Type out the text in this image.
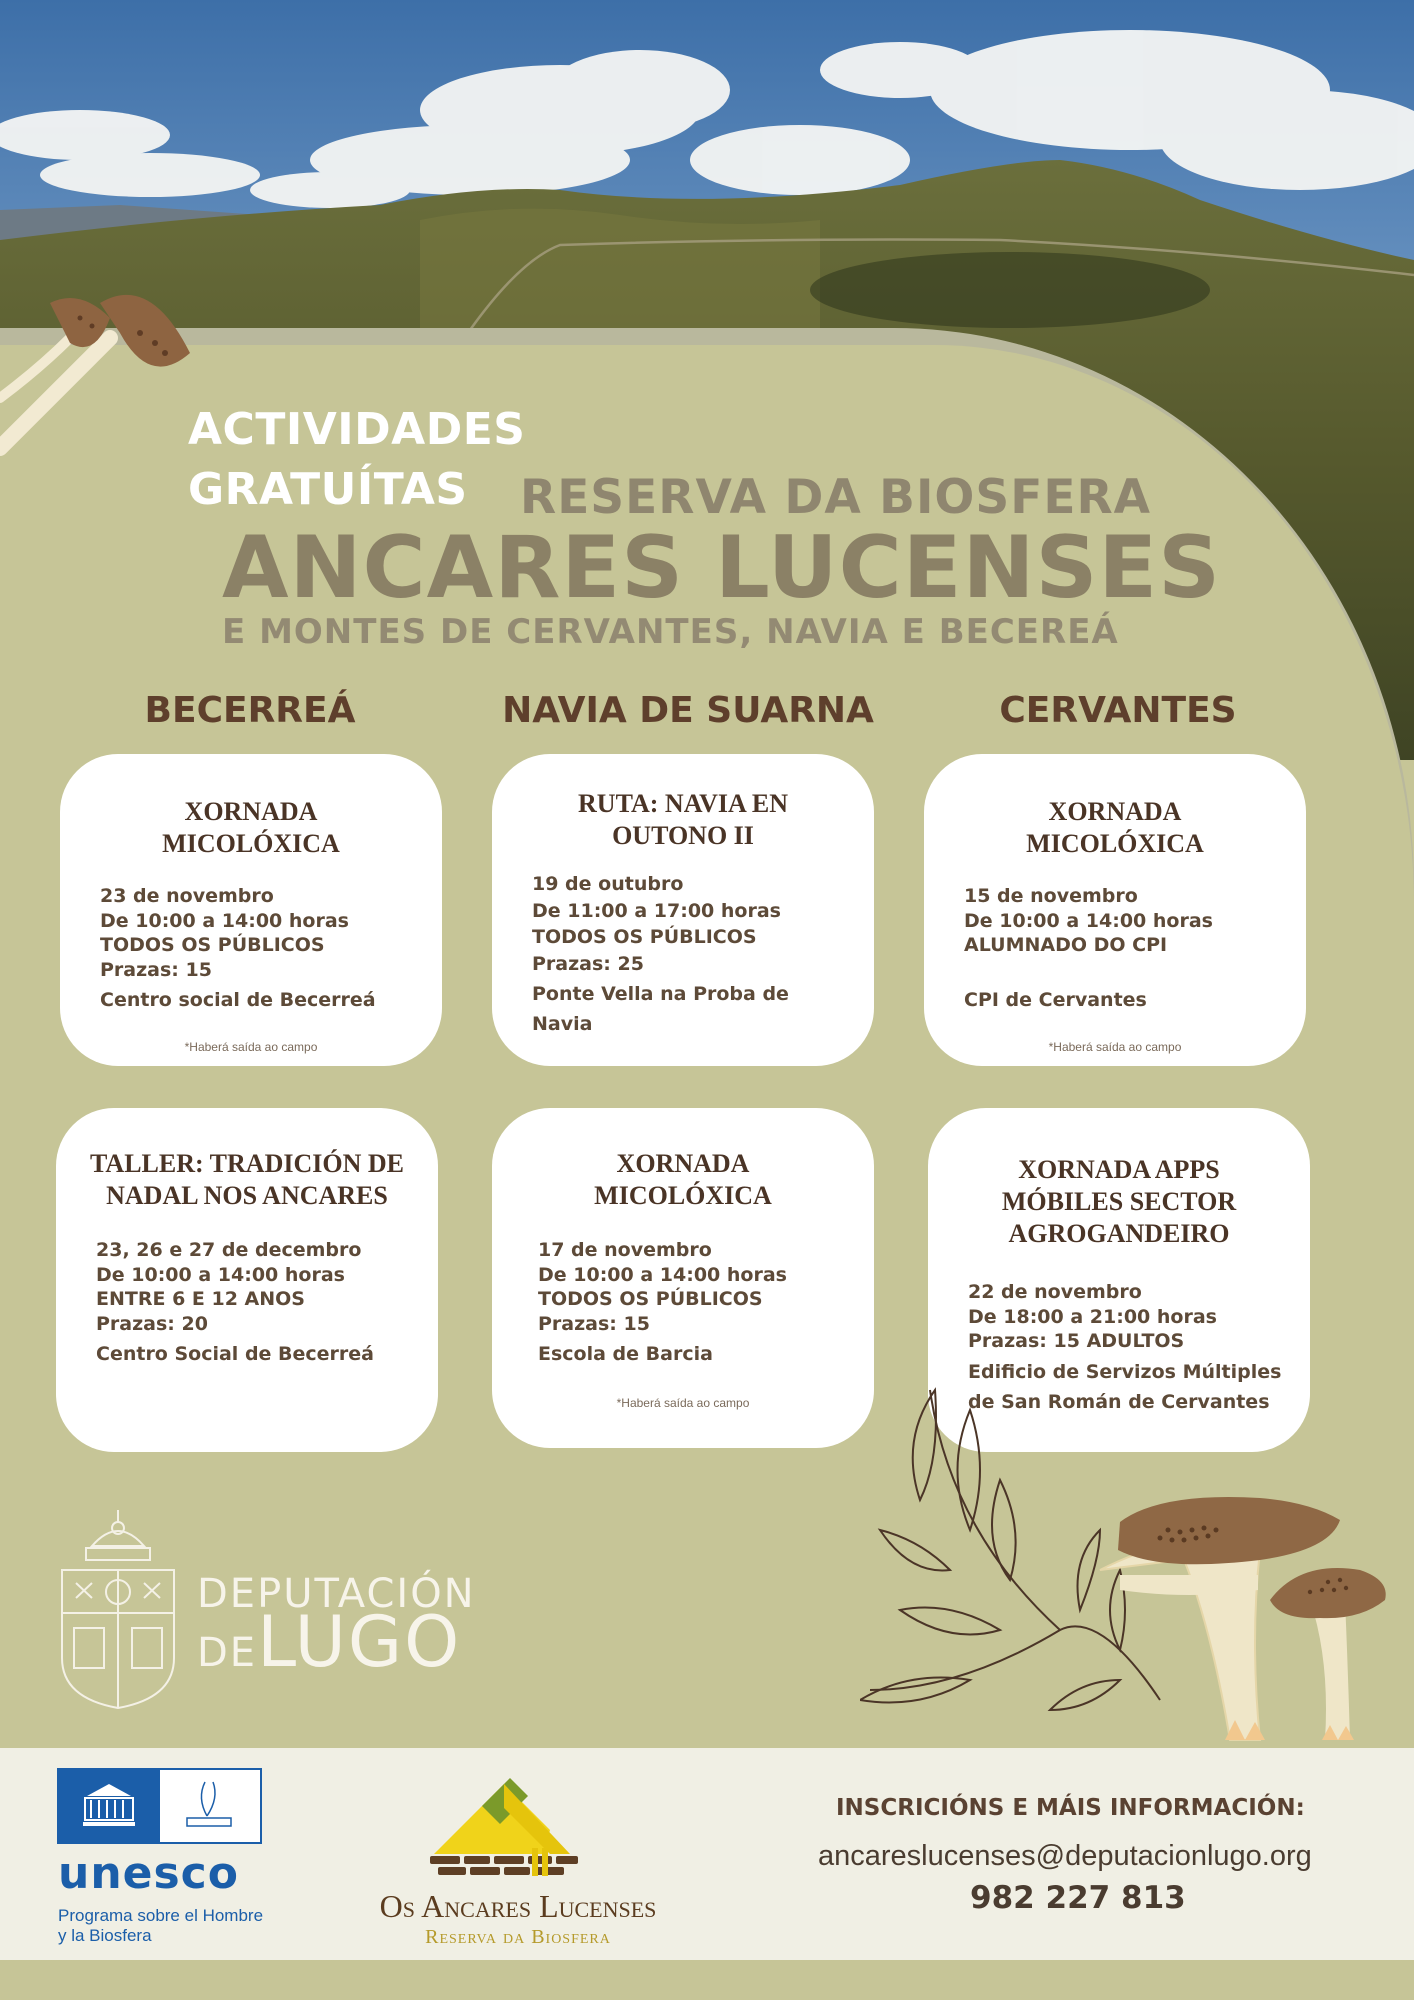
ACTIVIDADES
GRATUÍTAS	RESERVA DA BIOSFERA
ANCARES LUCENSES
E MONTES DE CERVANTES, NAVIA E BECEREÁ
BECERREÁ	NAVIA DE SUARNA	CERVANTES
XORNADA MICOLÓXICA
23 de novembro
De 10:00 a 14:00 horas
TODOS OS PÚBLICOS
Prazas: 15
Centro social de Becerreá
*Haberá saída ao campo
RUTA: NAVIA EN OUTONO II
19 de outubro
De 11:00 a 17:00 horas
TODOS OS PÚBLICOS
Prazas: 25
Ponte Vella na Proba de Navia
XORNADA MICOLÓXICA
15 de novembro
De 10:00 a 14:00 horas
ALUMNADO DO CPI
CPI de Cervantes
*Haberá saída ao campo
TALLER: TRADICIÓN DE NADAL NOS ANCARES
23, 26 e 27 de decembro
De 10:00 a 14:00 horas
ENTRE 6 E 12 ANOS
Prazas: 20
Centro Social de Becerreá
XORNADA MICOLÓXICA
17 de novembro
De 10:00 a 14:00 horas
TODOS OS PÚBLICOS
Prazas: 15
Escola de Barcia
*Haberá saída ao campo
XORNADA APPS MÓBILES SECTOR AGROGANDEIRO
22 de novembro
De 18:00 a 21:00 horas
Prazas: 15 ADULTOS
Edificio de Servizos Múltiples de San Román de Cervantes
DEPUTACIÓN
DELUGO
unesco
Programa sobre el Hombre
y la Biosfera
Os Ancares Lucenses
Reserva da Biosfera
INSCRICIÓNS E MÁIS INFORMACIÓN:
ancareslucenses@deputacionlugo.org
982 227 813
